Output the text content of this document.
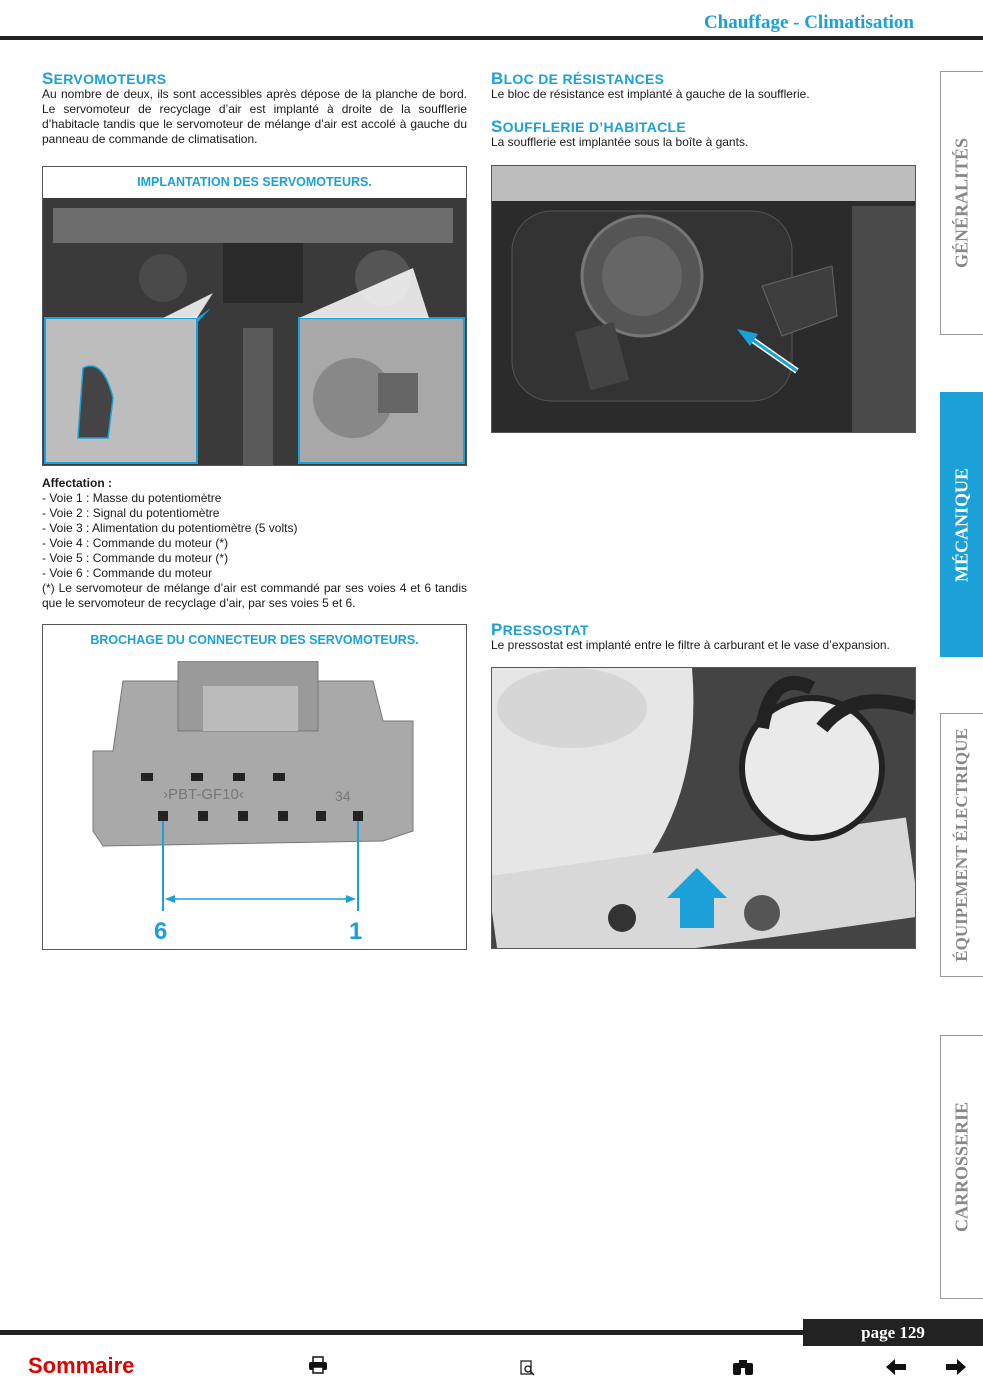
Chauffage - Climatisation
SERVOMOTEURS
Au nombre de deux, ils sont accessibles après dépose de la planche de bord. Le servomoteur de recyclage d’air est implanté à droite de la soufflerie d’habitacle tandis que le servomoteur de mélange d’air est accolé à gauche du panneau de commande de climatisation.
IMPLANTATION DES SERVOMOTEURS.
Affectation :
- Voie 1 : Masse du potentiomètre
- Voie 2 : Signal du potentiomètre
- Voie 3 : Alimentation du potentiomètre (5 volts)
- Voie 4 : Commande du moteur (*)
- Voie 5 : Commande du moteur (*)
- Voie 6 : Commande du moteur
(*) Le servomoteur de mélange d’air est commandé par ses voies 4 et 6 tandis que le servomoteur de recyclage d’air, par ses voies 5 et 6.
BROCHAGE DU CONNECTEUR DES SERVOMOTEURS.
›PBT-GF10‹	34
6	1
BLOC DE RÉSISTANCES
Le bloc de résistance est implanté à gauche de la soufflerie.
SOUFFLERIE D’HABITACLE
La soufflerie est implantée sous la boîte à gants.
PRESSOSTAT
Le pressostat est implanté entre le filtre à carburant et le vase d’expansion.
GÉNÉRALITÉS
MÉCANIQUE
ÉQUIPEMENT ÉLECTRIQUE
CARROSSERIE
page 129
Sommaire
